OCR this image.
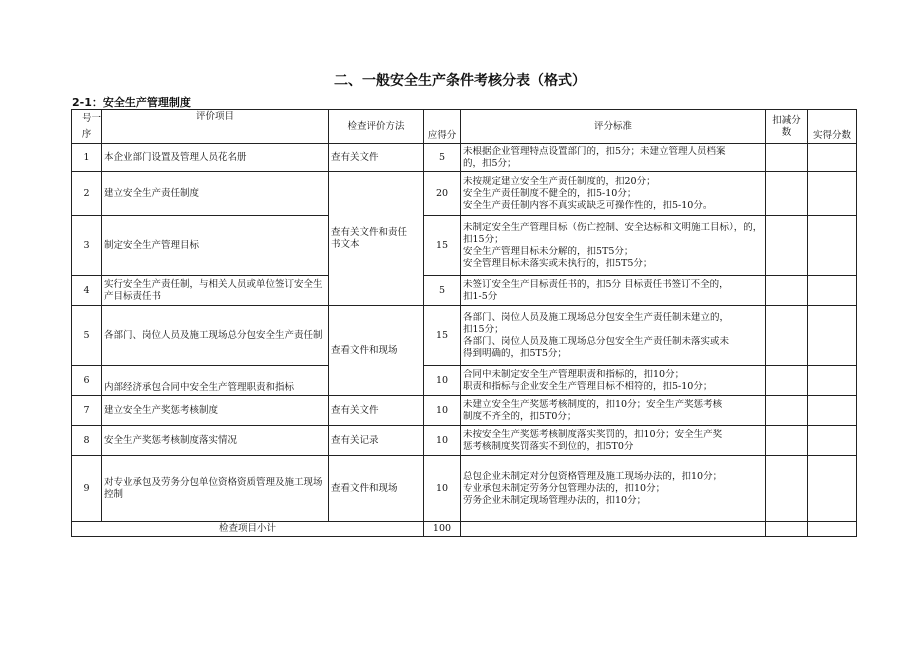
二、一般安全生产条件考核分表（格式）
2-1：安全生产管理制度
号一
序	评价项目	检查评价方法	应得分	评分标准	扣减分数	实得分数
1	本企业部门设置及管理人员花名册	查有关文件	5	未根据企业管理特点设置部门的，扣5分；未建立管理人员档案
的，扣5分；		

2	建立安全生产责任制度	查有关文件和责任书文本	20	未按规定建立安全生产责任制度的，扣20分；
安全生产责任制度不健全的，扣5-10分；
安全生产责任制内容不真实或缺乏可操作性的，扣5-10分。		

3	制定安全生产管理目标		15	未制定安全生产管理目标（伤亡控制、安全达标和文明施工目标），的，
扣15分；
安全生产管理目标未分解的，扣5T5分；
安全管理目标未落实或未执行的，扣5T5分；		

4	实行安全生产责任制，与相关人员或单位签订安全生产目标责任书		5	未签订安全生产目标责任书的，扣5分 目标责任书签订不全的，
扣1-5分		

5	各部门、岗位人员及施工现场总分包安全生产责任制	查看文件和现场	15	各部门、岗位人员及施工现场总分包安全生产责任制未建立的，
扣15分；
各部门、岗位人员及施工现场总分包安全生产责任制未落实或未
得到明确的，扣5T5分；		

6	内部经济承包合同中安全生产管理职责和指标		10	合同中未制定安全生产管理职责和指标的，扣10分；
职责和指标与企业安全生产管理目标不相符的，扣5-10分；		

7	建立安全生产奖惩考核制度	查有关文件	10	未建立安全生产奖惩考核制度的，扣10分；安全生产奖惩考核
制度不齐全的，扣5T0分；		

8	安全生产奖惩考核制度落实情况	查有关记录	10	未按安全生产奖惩考核制度落实奖罚的，扣10分；安全生产奖
惩考核制度奖罚落实不到位的，扣5T0分		

9	对专业承包及劳务分包单位资格资质管理及施工现场控制	查看文件和现场	10	总包企业未制定对分包资格管理及施工现场办法的，扣10分；
专业承包未制定劳务分包管理办法的，扣10分；
劳务企业未制定现场管理办法的，扣10分；		

检查项目小计			100			
